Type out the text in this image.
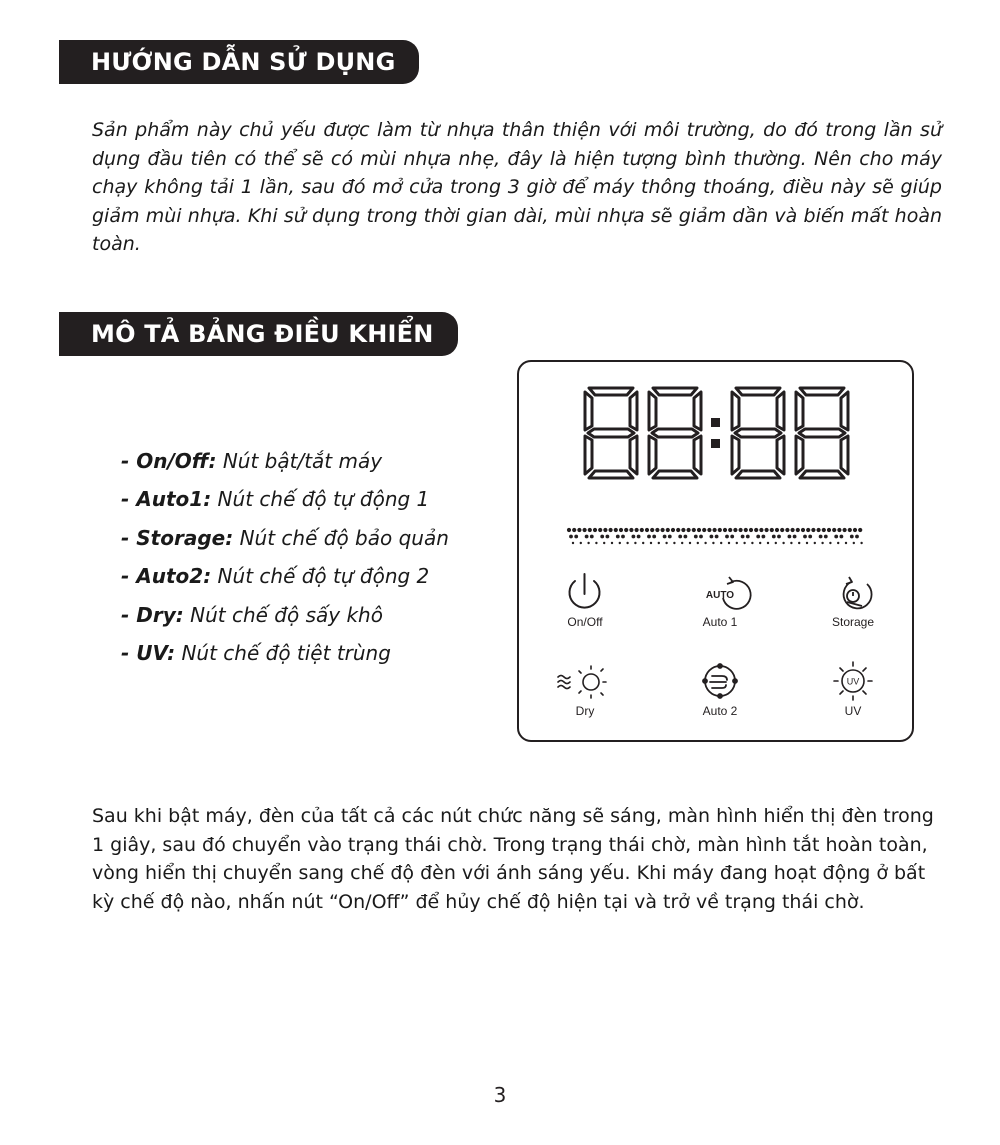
HƯỚNG DẪN SỬ DỤNG

Sản phẩm này chủ yếu được làm từ nhựa thân thiện với môi trường, do đó trong lần sử dụng đầu tiên có thể sẽ có mùi nhựa nhẹ, đây là hiện tượng bình thường. Nên cho máy chạy không tải 1 lần, sau đó mở cửa trong 3 giờ để máy thông thoáng, điều này sẽ giúp giảm mùi nhựa. Khi sử dụng trong thời gian dài, mùi nhựa sẽ giảm dần và biến mất hoàn toàn.

MÔ TẢ BẢNG ĐIỀU KHIỂN
- On/Off: Nút bật/tắt máy
- Auto1: Nút chế độ tự động 1
- Storage: Nút chế độ bảo quản
- Auto2: Nút chế độ tự động 2
- Dry: Nút chế độ sấy khô
- UV: Nút chế độ tiệt trùng
AUTO
UV
On/Off	Auto 1	Storage
Dry	Auto 2	UV

Sau khi bật máy, đèn của tất cả các nút chức năng sẽ sáng, màn hình hiển thị đèn trong 1 giây, sau đó chuyển vào trạng thái chờ. Trong trạng thái chờ, màn hình tắt hoàn toàn, vòng hiển thị chuyển sang chế độ đèn với ánh sáng yếu. Khi máy đang hoạt động ở bất kỳ chế độ nào, nhấn nút “On/Off” để hủy chế độ hiện tại và trở về trạng thái chờ.

3
